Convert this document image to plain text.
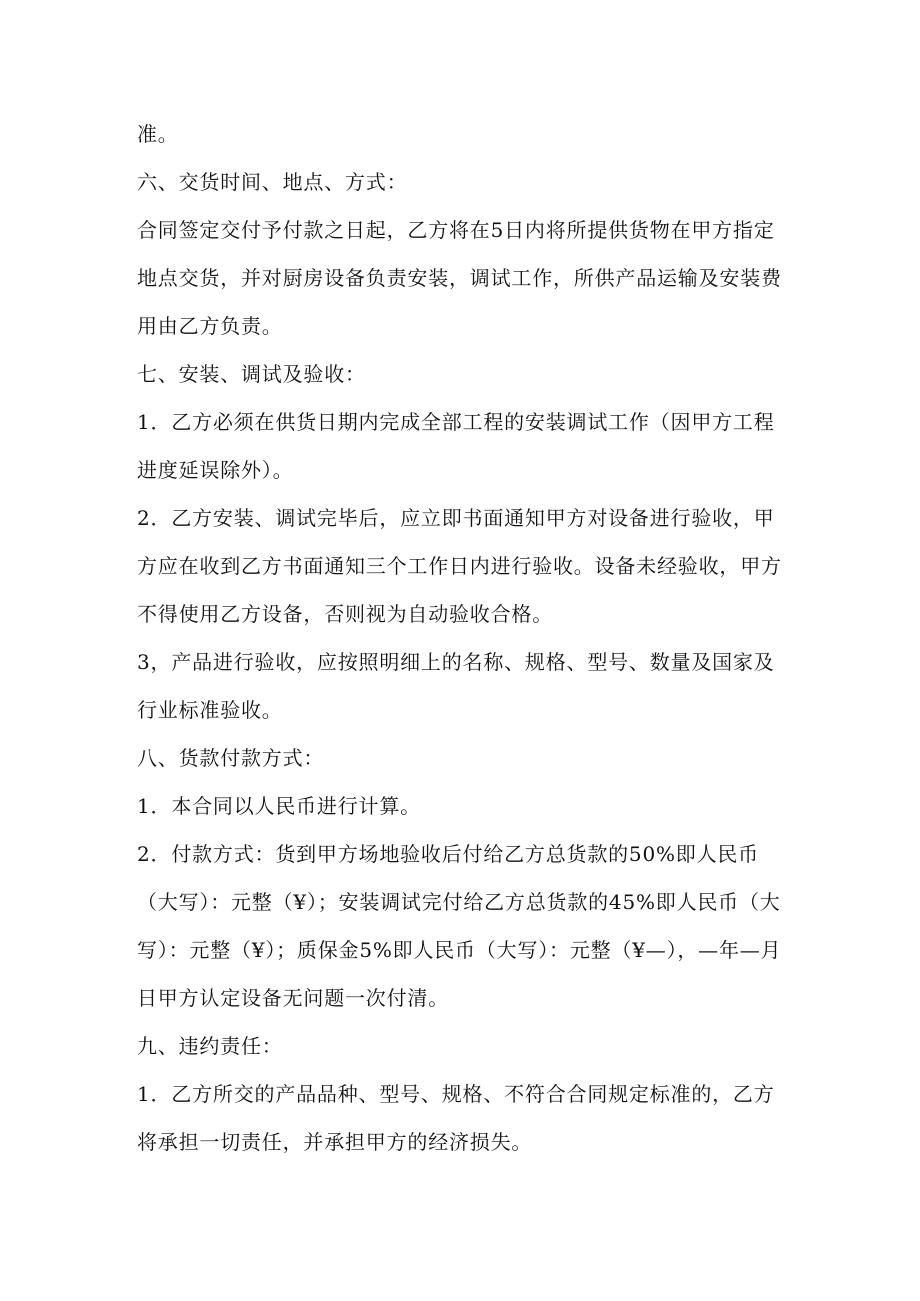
准。

六、交货时间、地点、方式：

合同签定交付予付款之日起，乙方将在5日内将所提供货物在甲方指定地点交货，并对厨房设备负责安装，调试工作，所供产品运输及安装费用由乙方负责。

七、安装、调试及验收：

1．乙方必须在供货日期内完成全部工程的安装调试工作（因甲方工程进度延误除外）。

2．乙方安装、调试完毕后，应立即书面通知甲方对设备进行验收，甲方应在收到乙方书面通知三个工作日内进行验收。设备未经验收，甲方不得使用乙方设备，否则视为自动验收合格。

3，产品进行验收，应按照明细上的名称、规格、型号、数量及国家及行业标准验收。

八、货款付款方式：

1．本合同以人民币进行计算。

2．付款方式：货到甲方场地验收后付给乙方总货款的50%即人民币（大写）：元整（¥）；安装调试完付给乙方总货款的45%即人民币（大写）：元整（¥）；质保金5%即人民币（大写）：元整（¥—），—年—月日甲方认定设备无问题一次付清。

九、违约责任：

1．乙方所交的产品品种、型号、规格、不符合合同规定标准的，乙方将承担一切责任，并承担甲方的经济损失。
